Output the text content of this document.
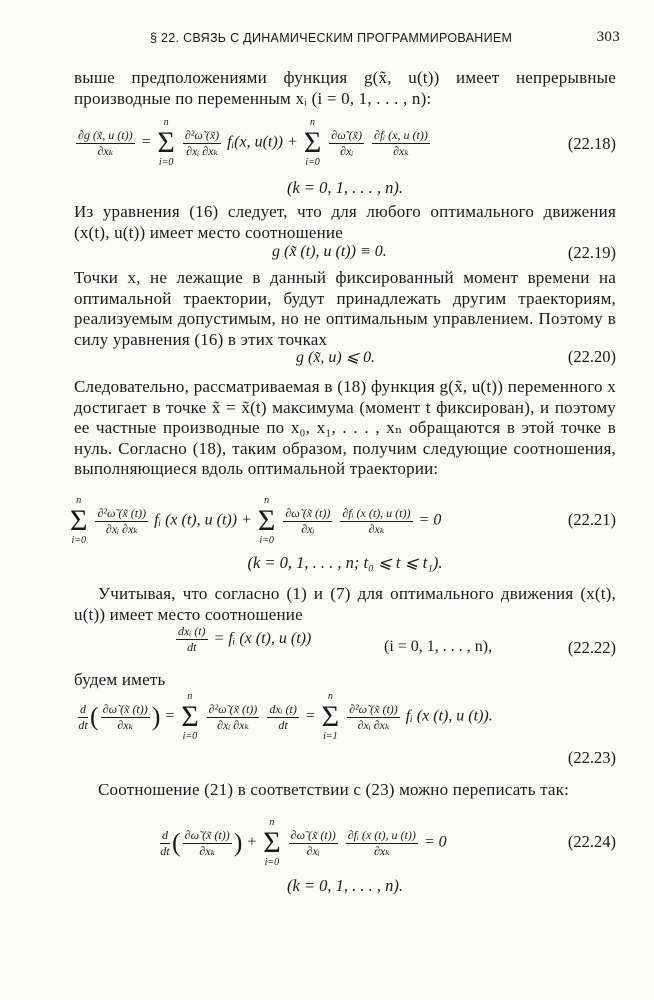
§ 22. СВЯЗЬ С ДИНАМИЧЕСКИМ ПРОГРАММИРОВАНИЕМ	303
выше предположениями функция g(x̃, u(t)) имеет непрерывные производные по переменным xᵢ (i = 0, 1, . . . , n):
$\frac{\partial g (x̃, u (t))}{\text{∂xₖ}}$ =
n
Σ
i=0

$\frac{\text{∂²ω̃ (x̃)}}{\text{∂xᵢ ∂xₖ}}$ fᵢ(x, u(t)) +
n
Σ
i=0

$\frac{\partial\omegã (x̃)}{\text{∂xᵢ}}$
$\frac{\text{∂fᵢ (x, u (t))}}{\text{∂xₖ}}$	(22.18)
(k = 0, 1, . . . , n).
Из уравнения (16) следует, что для любого оптимального движения (x(t), u(t)) имеет место соотношение
g (x̃ (t), u (t)) ≡ 0.	(22.19)
Точки x, не лежащие в данный фиксированный момент времени на оптимальной траектории, будут принадлежать другим траекториям, реализуемым допустимым, но не оптимальным управлением. Поэтому в силу уравнения (16) в этих точках
g (x̃, u) ⩽ 0.	(22.20)
Следовательно, рассматриваемая в (18) функция g(x̃, u(t)) переменного x достигает в точке x̃ = x̃(t) максимума (момент t фиксирован), и поэтому ее частные производные по x₀, x₁, . . . , xₙ обращаются в этой точке в нуль. Согласно (18), таким образом, получим следующие соотношения, выполняющиеся вдоль оптимальной траектории:
n
Σ
i=0

$\frac{\text{∂²ω̃ (x̃ (t))}}{\text{∂xᵢ ∂xₖ}}$ fᵢ (x (t), u (t)) +
n
Σ
i=0

$\frac{\partial\omegã (x̃ (t))}{\text{∂xᵢ}}$
$\frac{\text{∂fᵢ (x (t), u (t))}}{\text{∂xₖ}} = 0$	(22.21)
(k = 0, 1, . . . , n; t₀ ⩽ t ⩽ t₁).
Учитывая, что согласно (1) и (7) для оптимального движения (x(t), u(t)) имеет место соотношение
$\frac{\text{dxᵢ (t)}}{dt}$ = fᵢ (x (t), u (t))	(i = 0, 1, . . . , n),	(22.22)
будем иметь
$\frac{d}{dt}$ ( $\frac{\partial\omegã (x̃ (t))}{\text{∂xₖ}}$ ) =
n
Σ
i=0

$\frac{\text{∂²ω̃ (x̃ (t))}}{\text{∂xᵢ ∂xₖ}}$
$\frac{\text{dxᵢ (t)}}{dt}$ =
n
Σ
i=1

$\frac{\text{∂²ω̃ (x̃ (t))}}{\text{∂xᵢ ∂xₖ}}$ fᵢ (x (t), u (t)).
(22.23)
Соотношение (21) в соответствии с (23) можно переписать так:
$\frac{d}{dt}$ ( $\frac{\partial\omegã (x̃ (t))}{\text{∂xₖ}}$ ) +
n
Σ
i=0

$\frac{\partial\omegã (x̃ (t))}{\text{∂xᵢ}}$
$\frac{\text{∂fᵢ (x (t), u (t))}}{\text{∂xₖ}} = 0$	(22.24)
(k = 0, 1, . . . , n).
